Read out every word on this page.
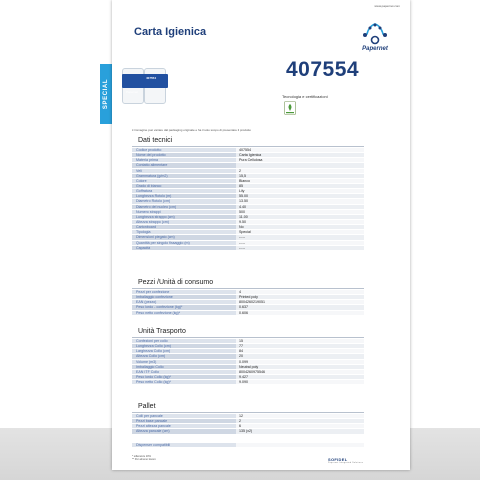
SPECIAL
www.papernet.com
Carta Igienica
Papernet
407554
Papernet
407554
Tecnologia e certificazioni
L'immagine può variare dal packaging originale e ha il solo scopo di presentare il prodotto
Dati tecnici
Codice prodotto	407554
Nome del prodotto	Carta Igienica
Materia prima	Pura Cellulosa
Contatto alimentare
Veli	2
Grammatura (g/m2)	15,5
Colore	Bianco
Grado di bianco	85
Goffratura	Lily
Lunghezza Rotolo (m)	55.00
Diametro Rotolo (cm)	13.50
Diametro del nucleo (cm)	4.40
Numero strappi	500
Lunghezza strappo (cm)	11.00
Altezza strappo (cm)	9.50
Cartonboard	No
Tipologia	Special
Dimensioni piegato (cm)	-----
Quantità per singolo fissaggio (m)	-----
Capacità	-----
Pezzi /Unità di consumo
Pezzi per confezione	4
Imballaggio confezione	Printed poly
EAN (pezzo)	8004260219051
Peso lordo - confezione (kg)*	0.637
Peso netto confezione (kg)*	0.606
Unità Trasporto
Confezioni per collo	15
Lunghezza Collo (cm)	77
Larghezza Collo (cm)	84
Altezza Collo (cm)	20
Volume (m3)	0.099
Imballaggio Collo	Neutral poly
EAN ITF Collo	8004260975546
Peso lordo Collo (kg)*	9.427
Peso netto Collo (kg)*	9.090
Pallet
Colli per pancale	12
Pezzi base pancale	2
Pezzi altezza pancale	6
Altezza pancale (cm)	135 (x2)
Dispenser compatibili
* tolleranza 10%
** Per almeno lavoro	SOFIDEL
Papernet Integrated Solutions
